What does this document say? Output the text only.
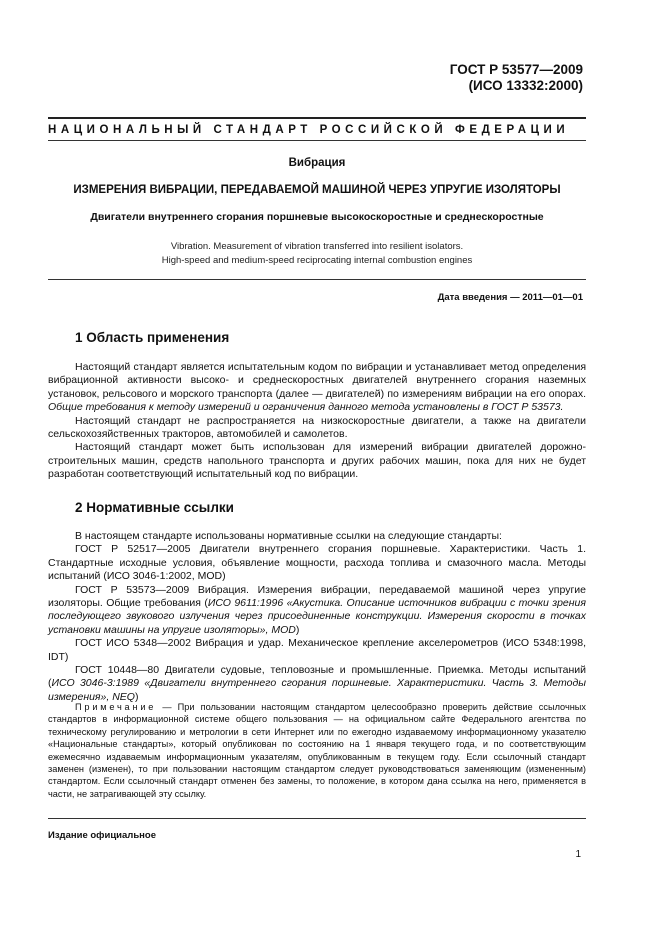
ГОСТ Р 53577—2009
(ИСО 13332:2000)
НАЦИОНАЛЬНЫЙ СТАНДАРТ РОССИЙСКОЙ ФЕДЕРАЦИИ
Вибрация
ИЗМЕРЕНИЯ ВИБРАЦИИ, ПЕРЕДАВАЕМОЙ МАШИНОЙ ЧЕРЕЗ УПРУГИЕ ИЗОЛЯТОРЫ
Двигатели внутреннего сгорания поршневые высокоскоростные и среднескоростные
Vibration. Measurement of vibration transferred into resilient isolators.
High-speed and medium-speed reciprocating internal combustion engines
Дата введения — 2011—01—01
1 Область применения

Настоящий стандарт является испытательным кодом по вибрации и устанавливает метод определения вибрационной активности высоко- и среднескоростных двигателей внутреннего сгорания наземных установок, рельсового и морского транспорта (далее — двигателей) по измерениям вибрации на его опорах. Общие требования к методу измерений и ограничения данного метода установлены в ГОСТ Р 53573.

Настоящий стандарт не распространяется на низкоскоростные двигатели, а также на двигатели сельскохозяйственных тракторов, автомобилей и самолетов.

Настоящий стандарт может быть использован для измерений вибрации двигателей дорожно-строительных машин, средств напольного транспорта и других рабочих машин, пока для них не будет разработан соответствующий испытательный код по вибрации.

2 Нормативные ссылки

В настоящем стандарте использованы нормативные ссылки на следующие стандарты:

ГОСТ Р 52517—2005 Двигатели внутреннего сгорания поршневые. Характеристики. Часть 1. Стандартные исходные условия, объявление мощности, расхода топлива и смазочного масла. Методы испытаний (ИСО 3046-1:2002, MOD)

ГОСТ Р 53573—2009 Вибрация. Измерения вибрации, передаваемой машиной через упругие изоляторы. Общие требования (ИСО 9611:1996 «Акустика. Описание источников вибрации с точки зрения последующего звукового излучения через присоединенные конструкции. Измерения скорости в точках установки машины на упругие изоляторы», MOD)

ГОСТ ИСО 5348—2002 Вибрация и удар. Механическое крепление акселерометров (ИСО 5348:1998, IDT)

ГОСТ 10448—80 Двигатели судовые, тепловозные и промышленные. Приемка. Методы испытаний (ИСО 3046-3:1989 «Двигатели внутреннего сгорания поршневые. Характеристики. Часть 3. Методы измерения», NEQ)

Примечание — При пользовании настоящим стандартом целесообразно проверить действие ссылочных стандартов в информационной системе общего пользования — на официальном сайте Федерального агентства по техническому регулированию и метрологии в сети Интернет или по ежегодно издаваемому информационному указателю «Национальные стандарты», который опубликован по состоянию на 1 января текущего года, и по соответствующим ежемесячно издаваемым информационным указателям, опубликованным в текущем году. Если ссылочный стандарт заменен (изменен), то при пользовании настоящим стандартом следует руководствоваться заменяющим (измененным) стандартом. Если ссылочный стандарт отменен без замены, то положение, в котором дана ссылка на него, применяется в части, не затрагивающей эту ссылку.

Издание официальное
1
